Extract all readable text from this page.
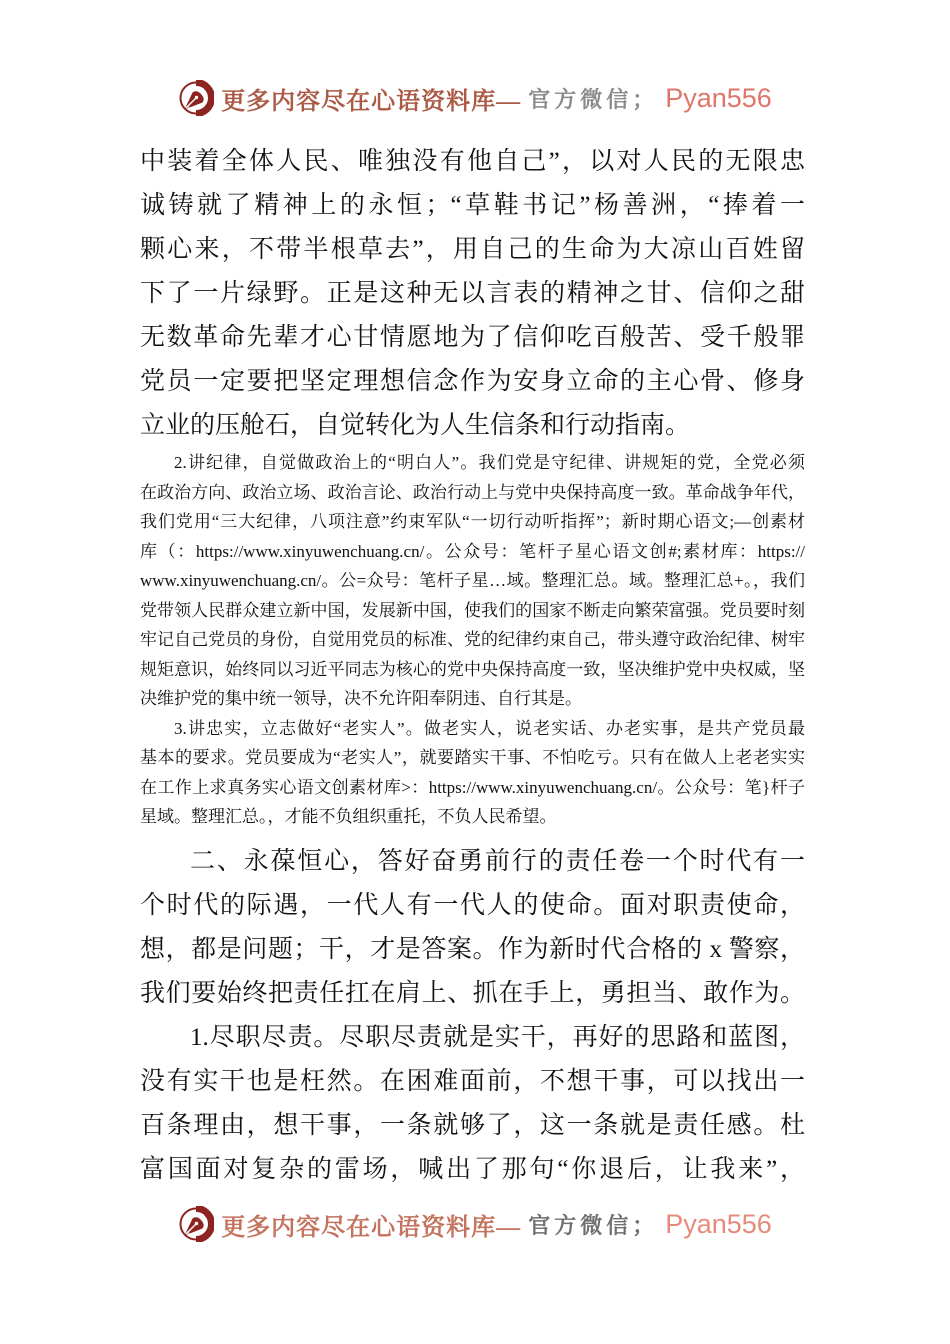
更多内容尽在心语资料库— 官方微信； Pyan556
中装着全体人民、唯独没有他自己”，以对人民的无限忠
诚铸就了精神上的永恒；“草鞋书记”杨善洲，“捧着一
颗心来，不带半根草去”，用自己的生命为大凉山百姓留
下了一片绿野。正是这种无以言表的精神之甘、信仰之甜
无数革命先辈才心甘情愿地为了信仰吃百般苦、受千般罪
党员一定要把坚定理想信念作为安身立命的主心骨、修身
立业的压舱石，自觉转化为人生信条和行动指南。
2.讲纪律，自觉做政治上的“明白人”。我们党是守纪律、讲规矩的党，全党必须
在政治方向、政治立场、政治言论、政治行动上与党中央保持高度一致。革命战争年代，
我们党用“三大纪律，八项注意”约束军队“一切行动听指挥”；新时期心语文;—创素材
库（：https://www.xinyuwenchuang.cn/。公众号：笔杆子星心语文创#;素材库：https://
www.xinyuwenchuang.cn/。公=众号：笔杆子星…域。整理汇总。域。整理汇总+。，我们
党带领人民群众建立新中国，发展新中国，使我们的国家不断走向繁荣富强。党员要时刻
牢记自己党员的身份，自觉用党员的标准、党的纪律约束自己，带头遵守政治纪律、树牢
规矩意识，始终同以习近平同志为核心的党中央保持高度一致，坚决维护党中央权威，坚
决维护党的集中统一领导，决不允许阳奉阴违、自行其是。
3.讲忠实，立志做好“老实人”。做老实人，说老实话、办老实事，是共产党员最
基本的要求。党员要成为“老实人”，就要踏实干事、不怕吃亏。只有在做人上老老实实
在工作上求真务实心语文创素材库>：https://www.xinyuwenchuang.cn/。公众号：笔}杆子
星域。整理汇总。，才能不负组织重托，不负人民希望。
二、永葆恒心，答好奋勇前行的责任卷一个时代有一
个时代的际遇，一代人有一代人的使命。面对职责使命，
想，都是问题；干，才是答案。作为新时代合格的 x 警察，
我们要始终把责任扛在肩上、抓在手上，勇担当、敢作为。
1.尽职尽责。尽职尽责就是实干，再好的思路和蓝图，
没有实干也是枉然。在困难面前，不想干事，可以找出一
百条理由，想干事，一条就够了，这一条就是责任感。杜
富国面对复杂的雷场，喊出了那句“你退后，让我来”，
更多内容尽在心语资料库— 官方微信； Pyan556
